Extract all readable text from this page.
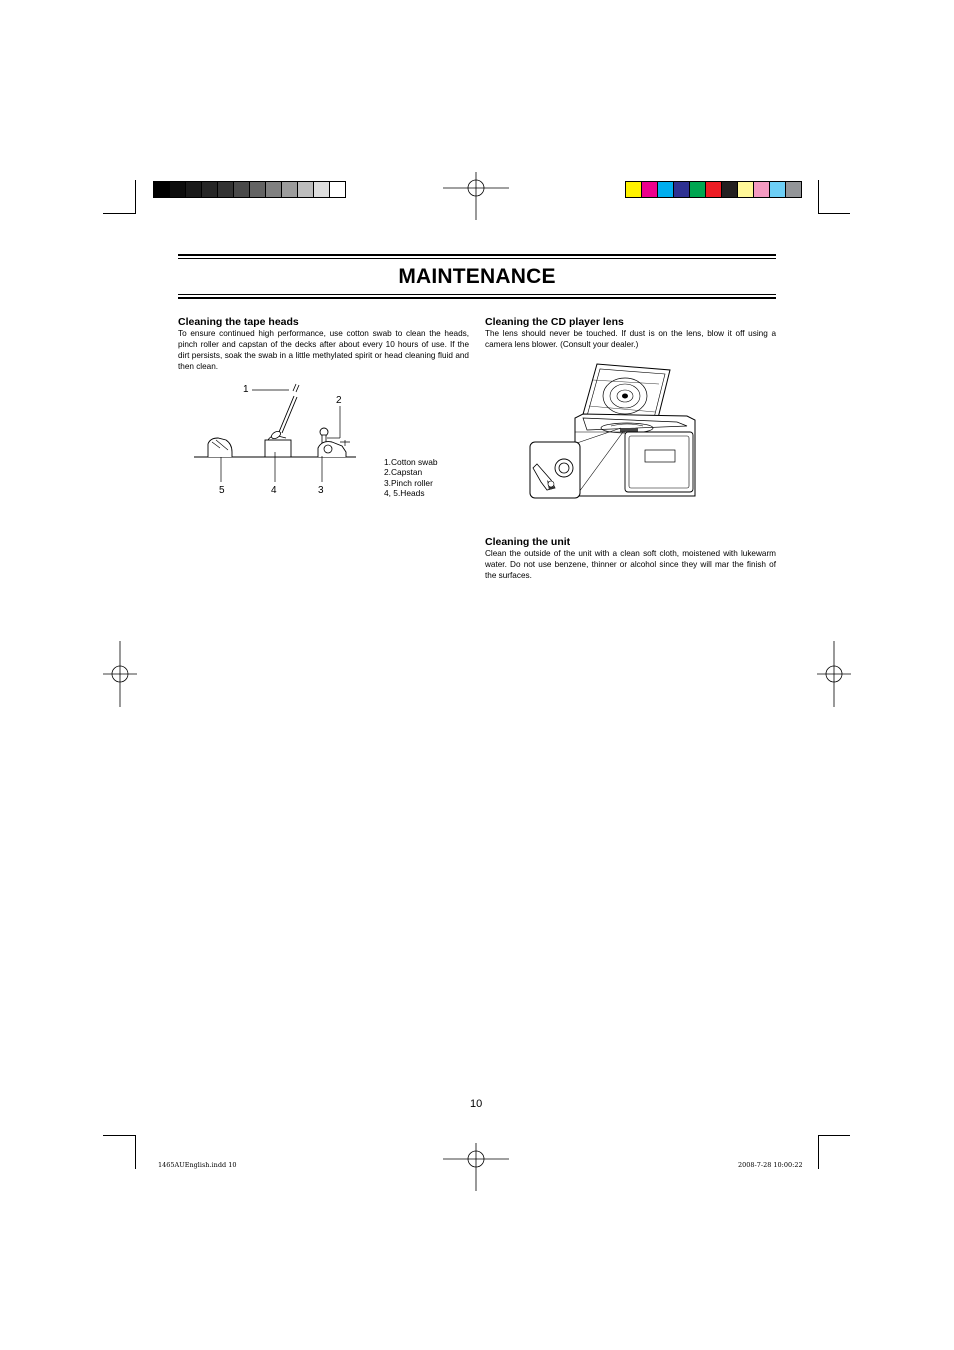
MAINTENANCE
Cleaning the tape heads

To ensure continued high performance, use cotton swab to clean the heads, pinch roller and capstan of the decks after about every 10 hours of use. If the dirt persists, soak the swab in a little methylated spirit or head cleaning fluid and then clean.

1
2
5	4	3
1.Cotton swab
2.Capstan
3.Pinch roller
4, 5.Heads
Cleaning the CD player lens

The lens should never be touched. If dust is on the lens, blow it off using a camera lens blower. (Consult your dealer.)

Cleaning the unit

Clean the outside of the unit with a clean soft cloth, moistened with lukewarm water. Do not use benzene, thinner or alcohol since they will mar the finish of the surfaces.

10
1465AUEnglish.indd 10	2008-7-28 10:00:22
